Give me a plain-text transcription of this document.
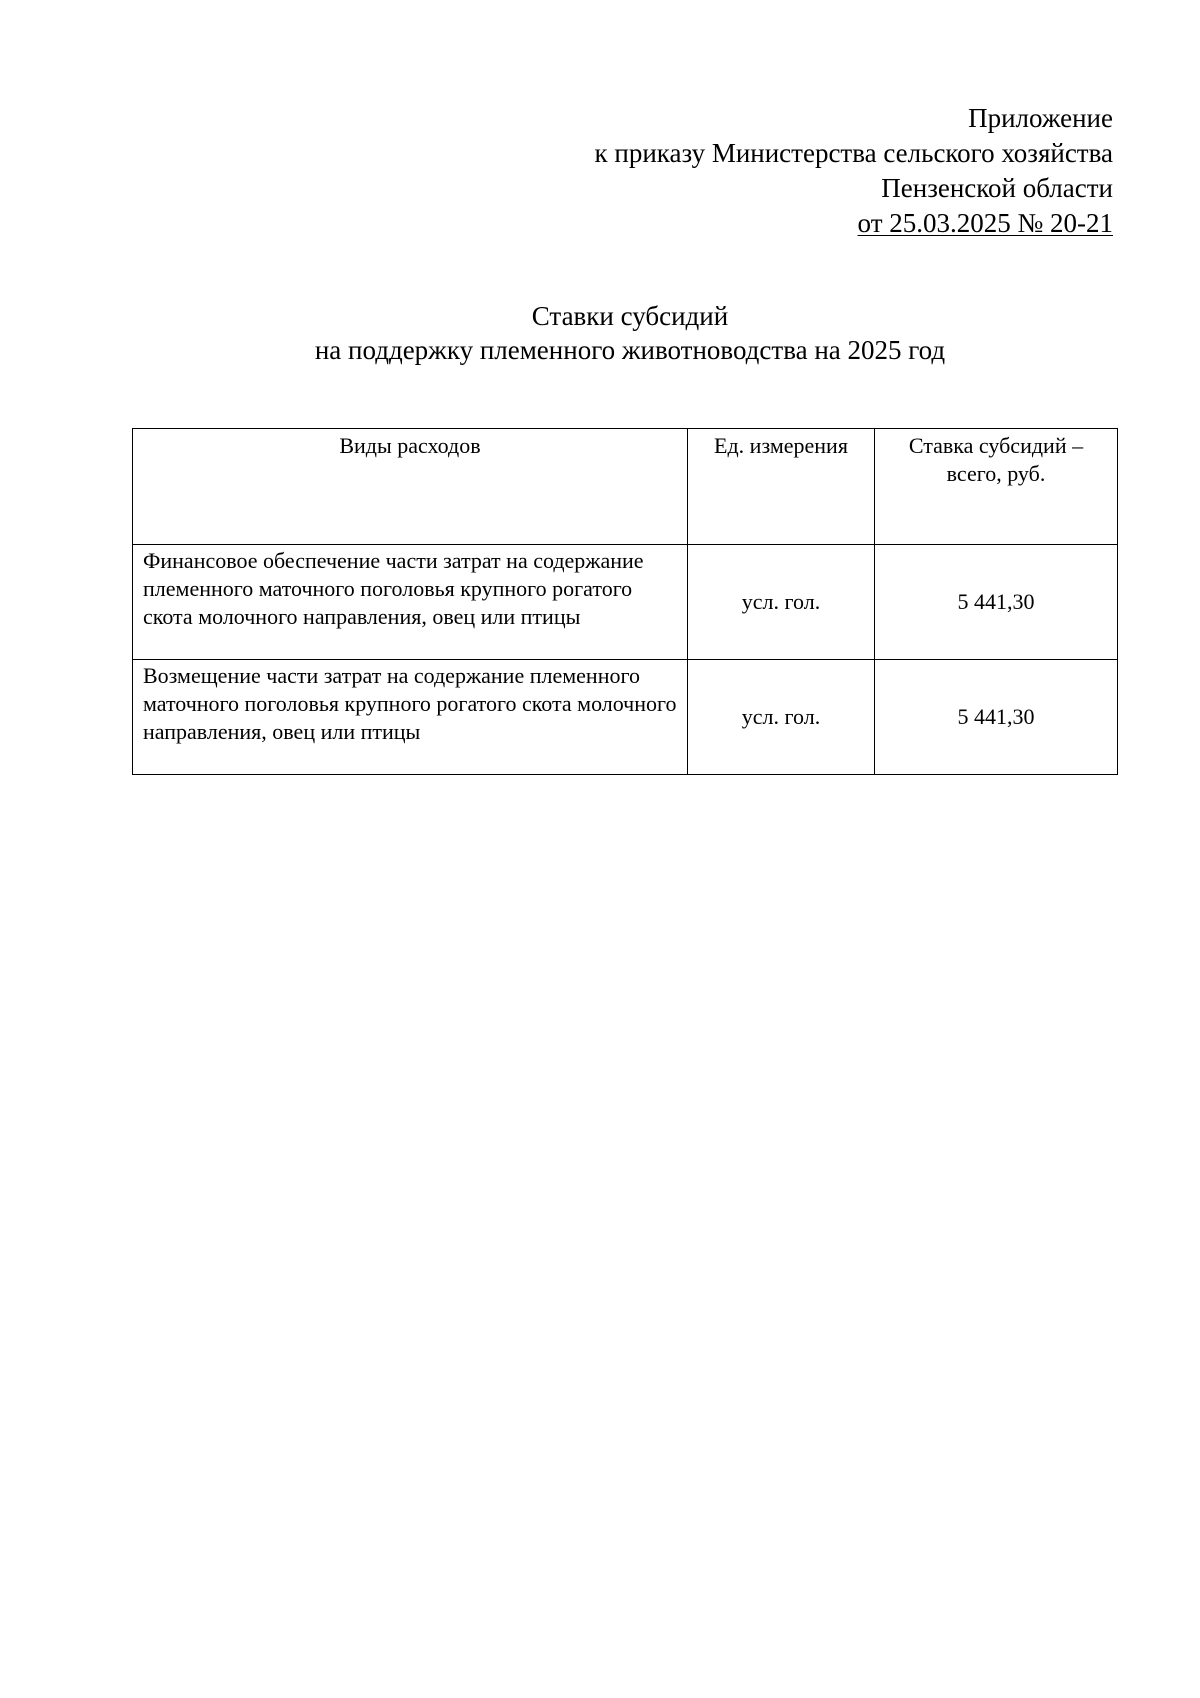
Приложение
к приказу Министерства сельского хозяйства
Пензенской области
от 25.03.2025 № 20-21
Ставки субсидий
на поддержку племенного животноводства на 2025 год
Виды расходов	Ед. измерения	Ставка субсидий – всего, руб.
Финансовое обеспечение части затрат на содержание племенного маточного поголовья крупного рогатого скота молочного направления, овец или птицы	усл. гол.	5 441,30
Возмещение части затрат на содержание племенного маточного поголовья крупного рогатого скота молочного направления, овец или птицы	усл. гол.	5 441,30
